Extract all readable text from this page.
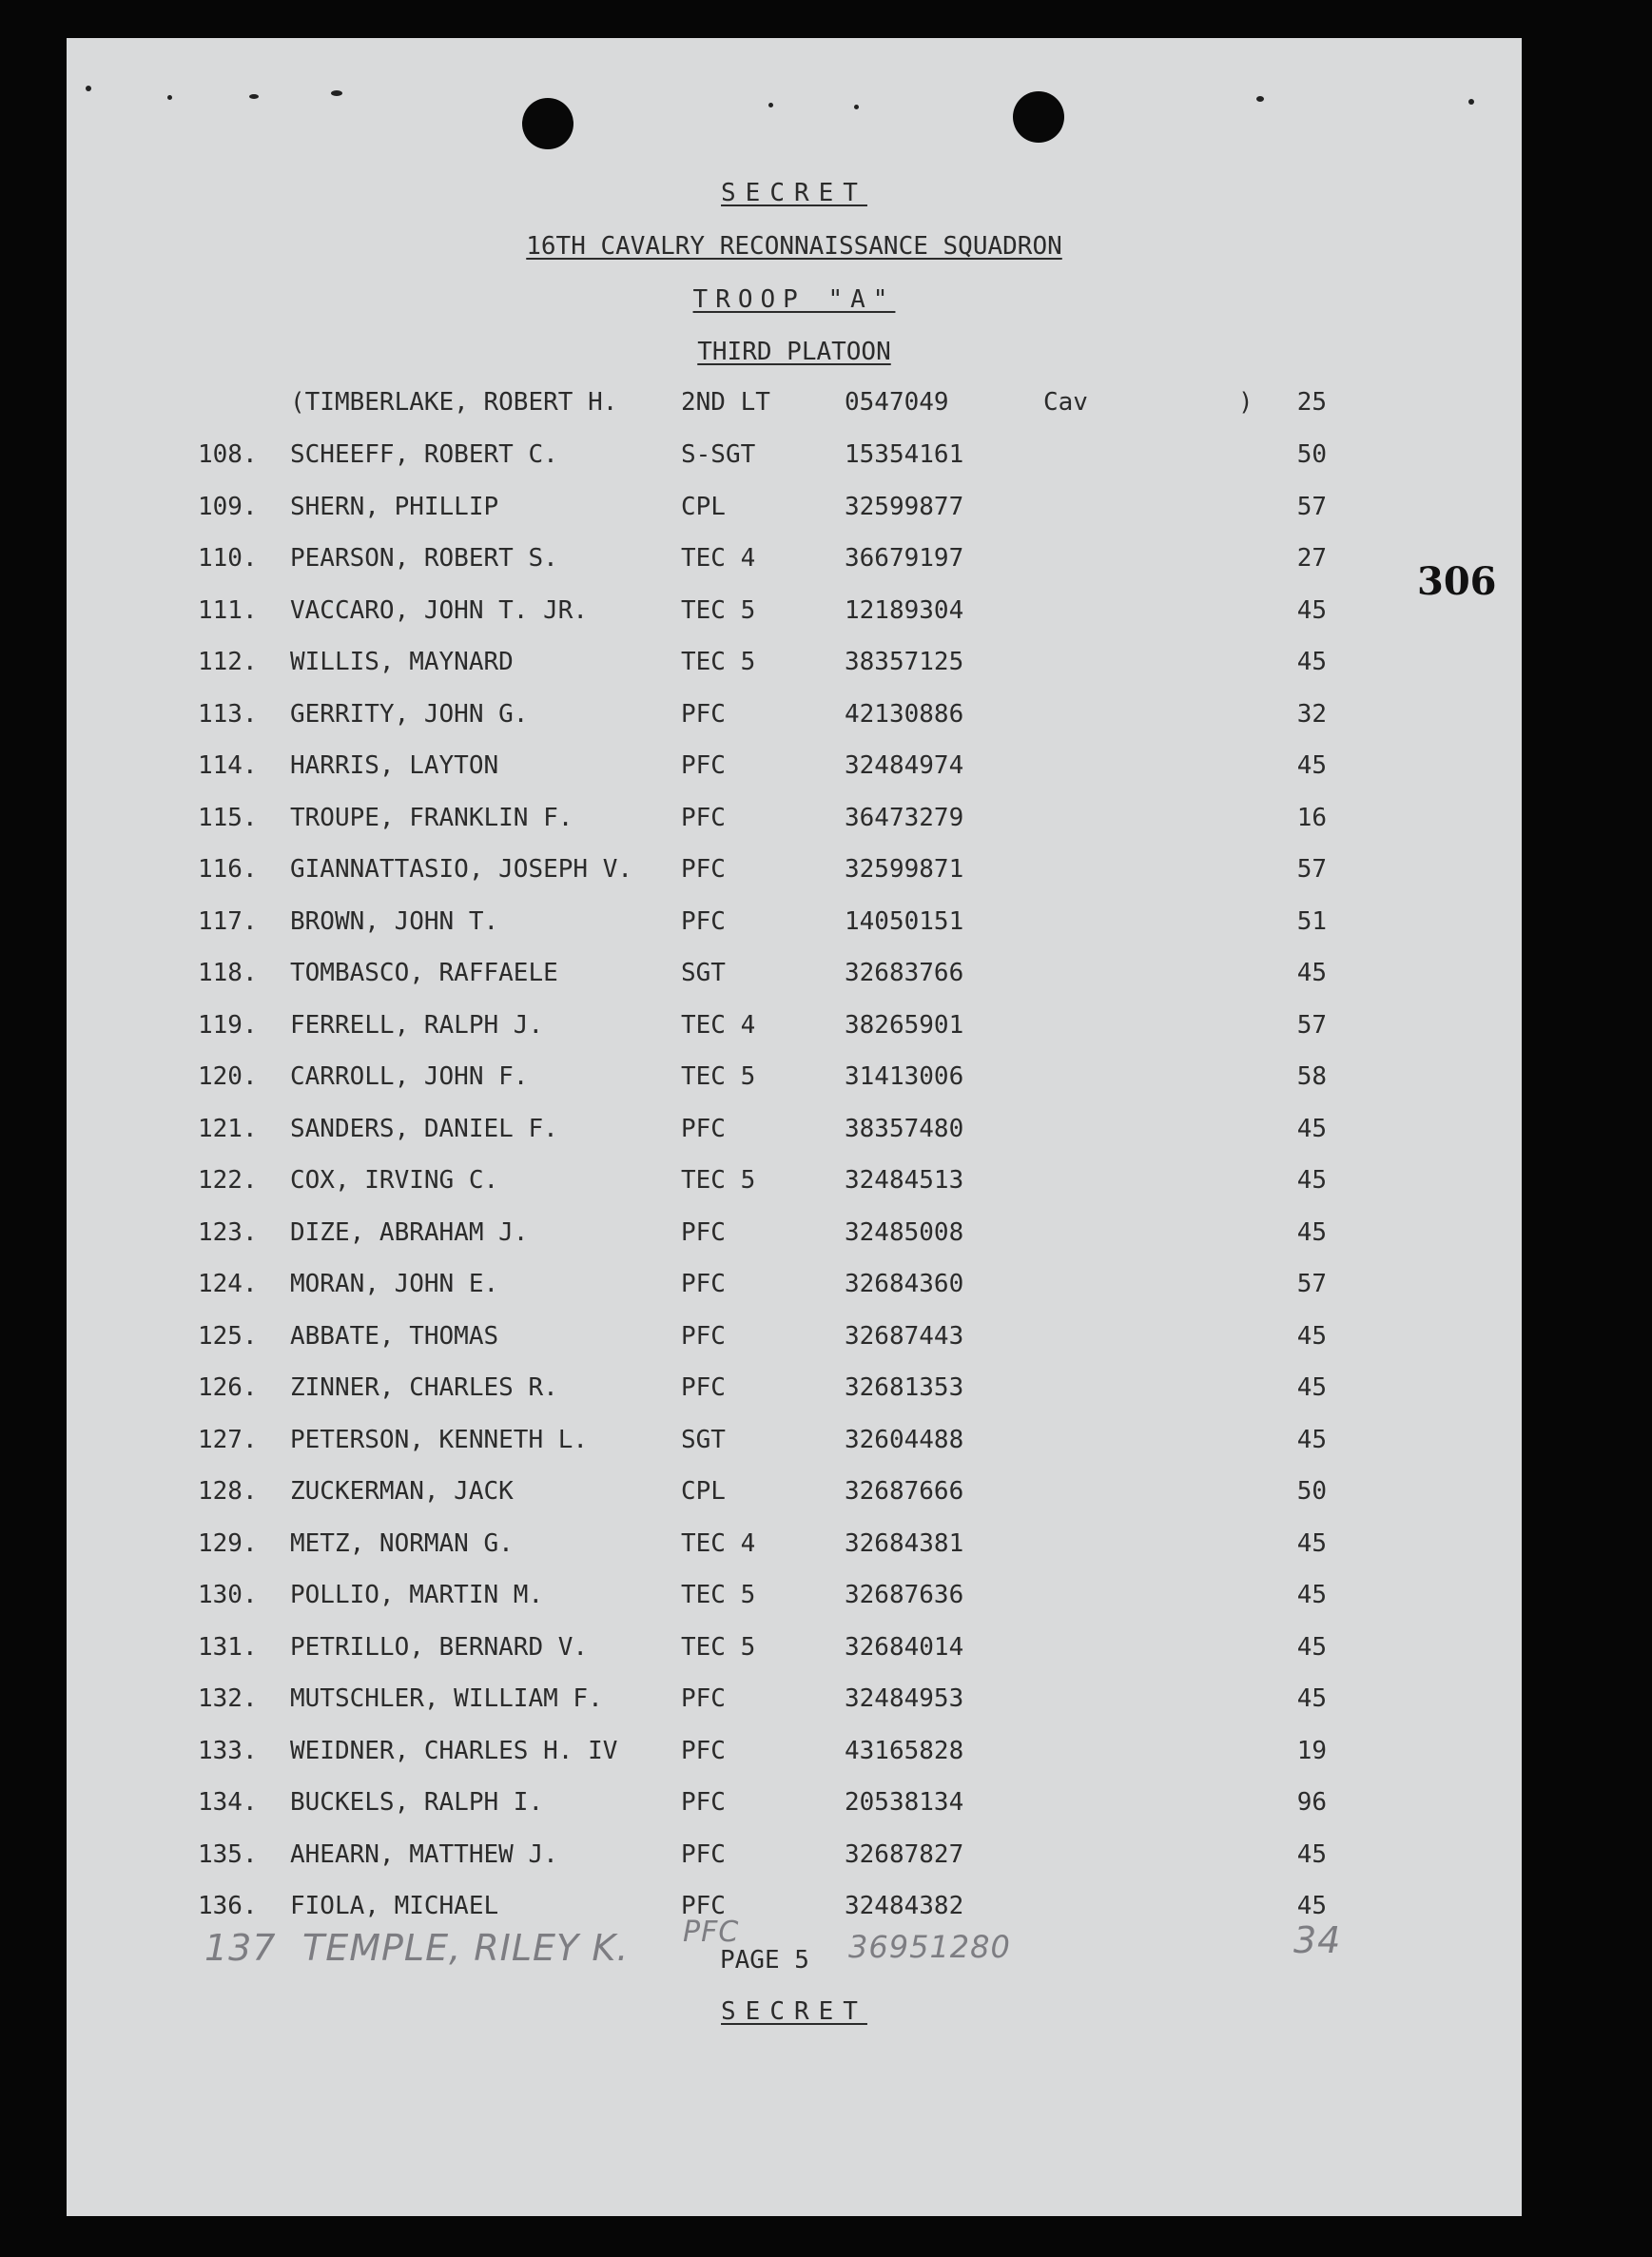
SECRET
16TH CAVALRY RECONNAISSANCE SQUADRON
TROOP "A"
THIRD PLATOON
306
(TIMBERLAKE, ROBERT H.	2ND LT	0547049	Cav	)	25
108. SCHEEFF, ROBERT C.	S-SGT	15354161	50
109. SHERN, PHILLIP	CPL	32599877	57
110. PEARSON, ROBERT S.	TEC 4	36679197	27
111. VACCARO, JOHN T. JR.	TEC 5	12189304	45
112. WILLIS, MAYNARD	TEC 5	38357125	45
113. GERRITY, JOHN G.	PFC	42130886	32
114. HARRIS, LAYTON	PFC	32484974	45
115. TROUPE, FRANKLIN F.	PFC	36473279	16
116. GIANNATTASIO, JOSEPH V. PFC	32599871	57
117. BROWN, JOHN T.	PFC	14050151	51
118. TOMBASCO, RAFFAELE	SGT	32683766	45
119. FERRELL, RALPH J.	TEC 4	38265901	57
120. CARROLL, JOHN F.	TEC 5	31413006	58
121. SANDERS, DANIEL F.	PFC	38357480	45
122. COX, IRVING C.	TEC 5	32484513	45
123. DIZE, ABRAHAM J.	PFC	32485008	45
124. MORAN, JOHN E.	PFC	32684360	57
125. ABBATE, THOMAS	PFC	32687443	45
126. ZINNER, CHARLES R.	PFC	32681353	45
127. PETERSON, KENNETH L.	SGT	32604488	45
128. ZUCKERMAN, JACK	CPL	32687666	50
129. METZ, NORMAN G.	TEC 4	32684381	45
130. POLLIO, MARTIN M.	TEC 5	32687636	45
131. PETRILLO, BERNARD V.	TEC 5	32684014	45
132. MUTSCHLER, WILLIAM F.	PFC	32484953	45
133. WEIDNER, CHARLES H. IV	PFC	43165828	19
134. BUCKELS, RALPH I.	PFC	20538134	96
135. AHEARN, MATTHEW J.	PFC	32687827	45
136. FIOLA, MICHAEL	PFC	32484382	45
137 TEMPLE, RILEY K. PFC	36951280	34
PAGE 5
SECRET
